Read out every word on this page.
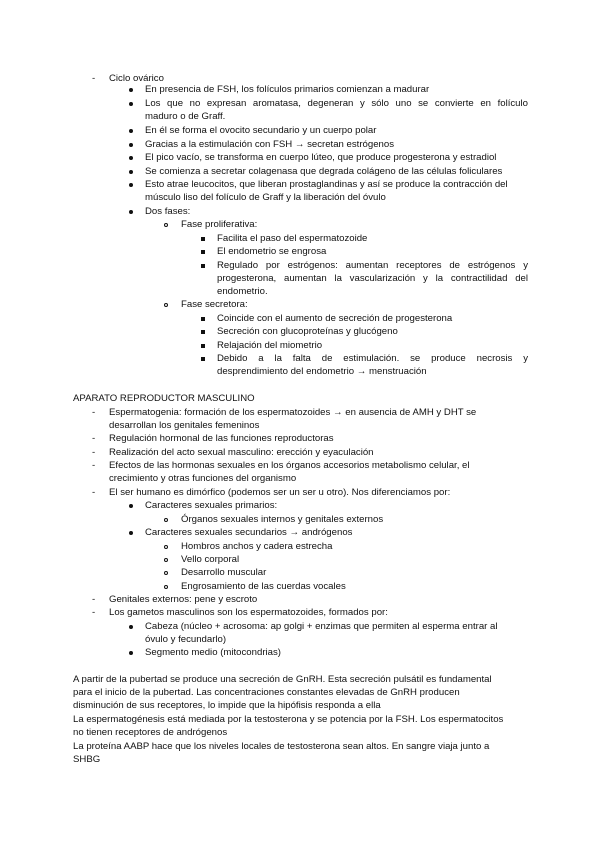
- Ciclo ovárico
En presencia de FSH, los folículos primarios comienzan a madurar
Los que no expresan aromatasa, degeneran y sólo uno se convierte en folículo
maduro o de Graff.
En él se forma el ovocito secundario y un cuerpo polar
Gracias a la estimulación con FSH → secretan estrógenos
El pico vacío, se transforma en cuerpo lúteo, que produce progesterona y estradiol
Se comienza a secretar colagenasa que degrada colágeno de las células foliculares
Esto atrae leucocitos, que liberan prostaglandinas y así se produce la contracción del
músculo liso del folículo de Graff y la liberación del óvulo
Dos fases:
Fase proliferativa:
Facilita el paso del espermatozoide
El endometrio se engrosa
Regulado por estrógenos: aumentan receptores de estrógenos y
progesterona, aumentan la vascularización y la contractilidad del
endometrio.
Fase secretora:
Coincide con el aumento de secreción de progesterona
Secreción con glucoproteínas y glucógeno
Relajación del miometrio
Debido a la falta de estimulación. se produce necrosis y
desprendimiento del endometrio → menstruación
APARATO REPRODUCTOR MASCULINO
- Espermatogenia: formación de los espermatozoides → en ausencia de AMH y DHT se
desarrollan los genitales femeninos
- Regulación hormonal de las funciones reproductoras
- Realización del acto sexual masculino: erección y eyaculación
- Efectos de las hormonas sexuales en los órganos accesorios metabolismo celular, el
crecimiento y otras funciones del organismo
- El ser humano es dimórfico (podemos ser un ser u otro). Nos diferenciamos por:
Caracteres sexuales primarios:
Órganos sexuales internos y genitales externos
Caracteres sexuales secundarios → andrógenos
Hombros anchos y cadera estrecha
Vello corporal
Desarrollo muscular
Engrosamiento de las cuerdas vocales
- Genitales externos: pene y escroto
- Los gametos masculinos son los espermatozoides, formados por:
Cabeza (núcleo + acrosoma: ap golgi + enzimas que permiten al esperma entrar al
óvulo y fecundarlo)
Segmento medio (mitocondrias)
A partir de la pubertad se produce una secreción de GnRH. Esta secreción pulsátil es fundamental
para el inicio de la pubertad. Las concentraciones constantes elevadas de GnRH producen
disminución de sus receptores, lo impide que la hipófisis responda a ella
La espermatogénesis está mediada por la testosterona y se potencia por la FSH. Los espermatocitos
no tienen receptores de andrógenos
La proteína AABP hace que los niveles locales de testosterona sean altos. En sangre viaja junto a
SHBG
